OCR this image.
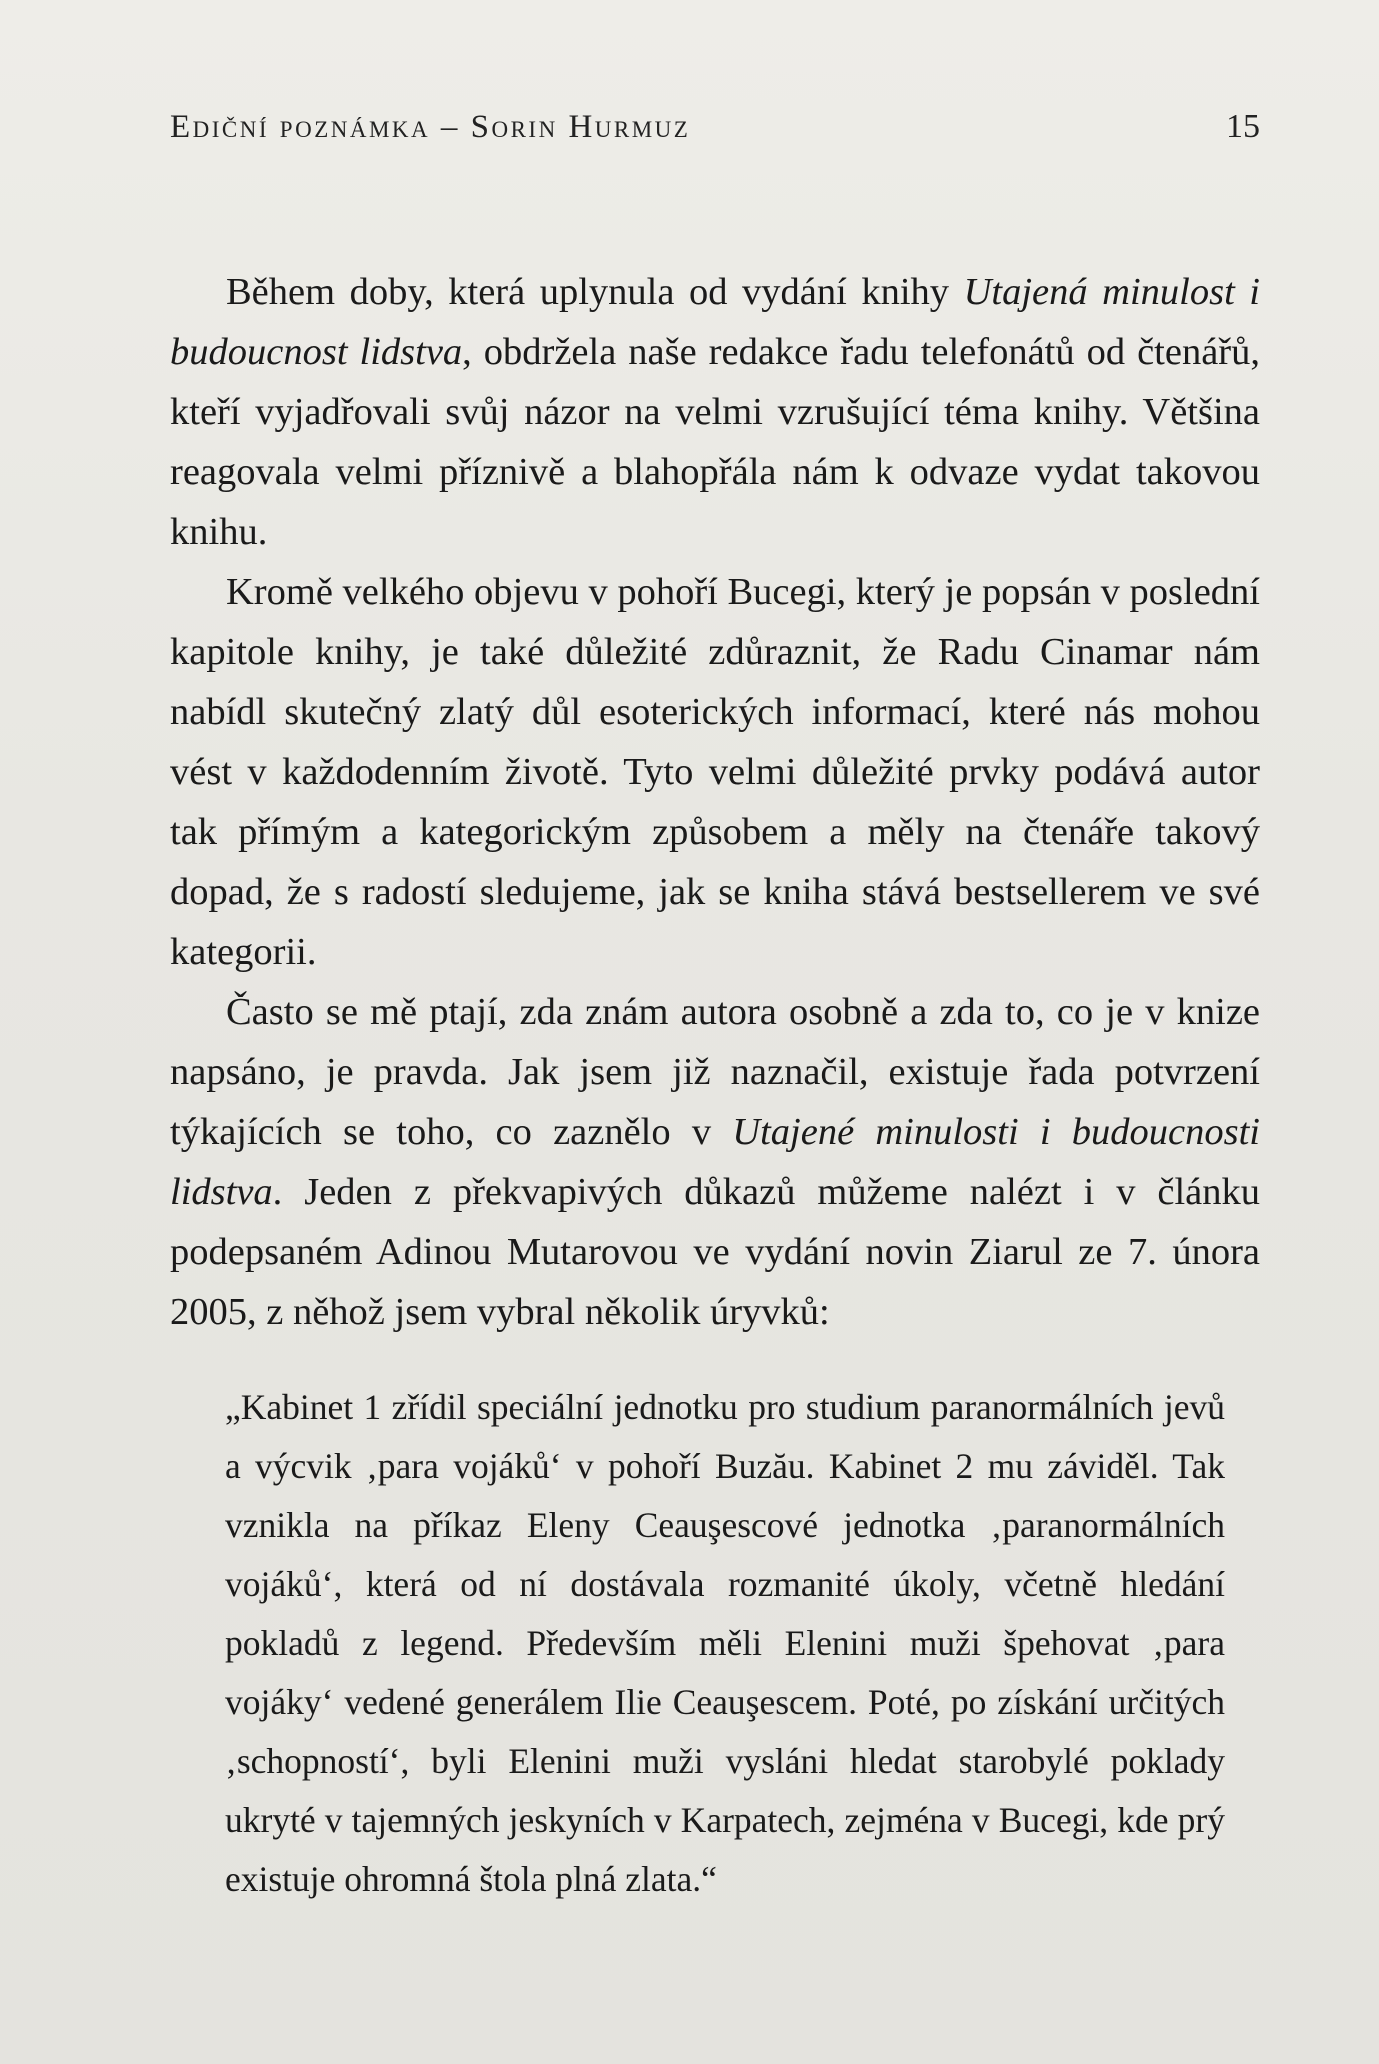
Ediční poznámka – Sorin Hurmuz	15

Během doby, která uplynula od vydání knihy Utajená minulost i budoucnost lidstva, obdržela naše redakce řadu telefonátů od čtenářů, kteří vyjadřovali svůj názor na velmi vzrušující téma knihy. Většina reagovala velmi příznivě a blahopřála nám k odvaze vydat takovou knihu.

Kromě velkého objevu v pohoří Bucegi, který je popsán v poslední kapitole knihy, je také důležité zdůraznit, že Radu Cinamar nám nabídl skutečný zlatý důl esoterických informací, které nás mohou vést v každodenním životě. Tyto velmi důležité prvky podává autor tak přímým a kategorickým způsobem a měly na čtenáře takový dopad, že s radostí sledujeme, jak se kniha stává bestsellerem ve své kategorii.

Často se mě ptají, zda znám autora osobně a zda to, co je v knize napsáno, je pravda. Jak jsem již naznačil, existuje řada potvrzení týkajících se toho, co zaznělo v Utajené minulosti i budoucnosti lidstva. Jeden z překvapivých důkazů můžeme nalézt i v článku podepsaném Adinou Mutarovou ve vydání novin Ziarul ze 7. února 2005, z něhož jsem vybral několik úryvků:

„Kabinet 1 zřídil speciální jednotku pro studium paranormálních jevů a výcvik ‚para vojáků‘ v pohoří Buzău. Kabinet 2 mu záviděl. Tak vznikla na příkaz Eleny Ceauşescové jednotka ‚paranormálních vojáků‘, která od ní dostávala rozmanité úkoly, včetně hledání pokladů z legend. Především měli Elenini muži špehovat ‚para vojáky‘ vedené generálem Ilie Ceauşescem. Poté, po získání určitých ‚schopností‘, byli Elenini muži vysláni hledat starobylé poklady ukryté v tajemných jeskyních v Karpatech, zejména v Bucegi, kde prý existuje ohromná štola plná zlata.“
